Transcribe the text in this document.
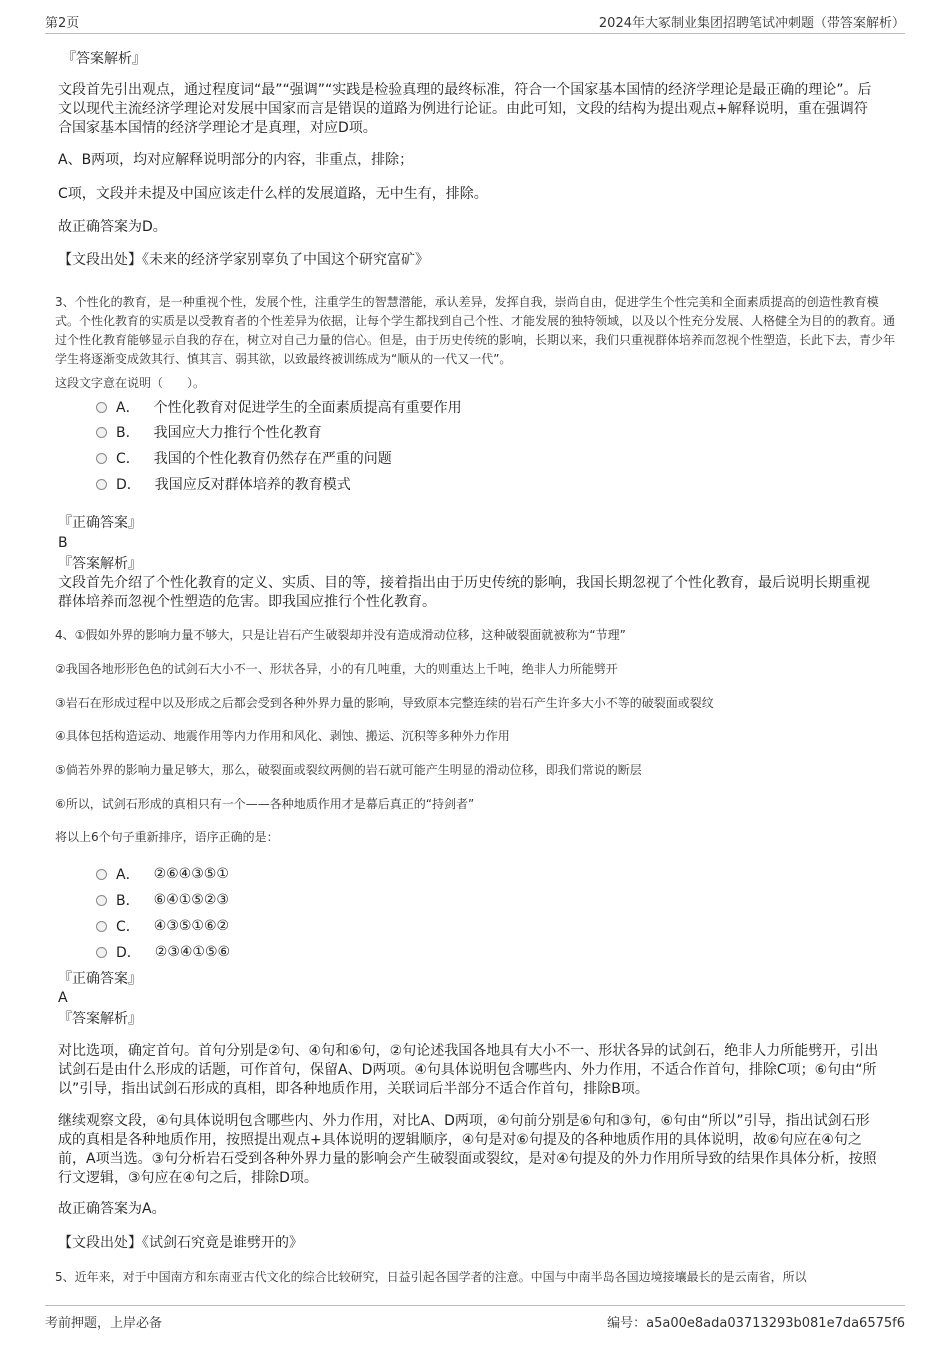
第2页	2024年大冢制业集团招聘笔试冲刺题（带答案解析）
『答案解析』
文段首先引出观点，通过程度词“最”“强调”“实践是检验真理的最终标准，符合一个国家基本国情的经济学理论是最正确的理论”。后文以现代主流经济学理论对发展中国家而言是错误的道路为例进行论证。由此可知，文段的结构为提出观点+解释说明，重在强调符合国家基本国情的经济学理论才是真理，对应D项。
A、B两项，均对应解释说明部分的内容，非重点，排除；
C项，文段并未提及中国应该走什么样的发展道路，无中生有，排除。
故正确答案为D。
【文段出处】《未来的经济学家别辜负了中国这个研究富矿》
3、个性化的教育，是一种重视个性，发展个性，注重学生的智慧潜能，承认差异，发挥自我，崇尚自由，促进学生个性完美和全面素质提高的创造性教育模式。个性化教育的实质是以受教育者的个性差异为依据，让每个学生都找到自己个性、才能发展的独特领域，以及以个性充分发展、人格健全为目的的教育。通过个性化教育能够显示自我的存在，树立对自己力量的信心。但是，由于历史传统的影响，长期以来，我们只重视群体培养而忽视个性塑造，长此下去，青少年学生将逐渐变成敛其行、慎其言、弱其欲，以致最终被训练成为“顺从的一代又一代”。
这段文字意在说明（　　）。
A． 个性化教育对促进学生的全面素质提高有重要作用
B． 我国应大力推行个性化教育
C． 我国的个性化教育仍然存在严重的问题
D． 我国应反对群体培养的教育模式
『正确答案』
B
『答案解析』
文段首先介绍了个性化教育的定义、实质、目的等，接着指出由于历史传统的影响，我国长期忽视了个性化教育，最后说明长期重视群体培养而忽视个性塑造的危害。即我国应推行个性化教育。
4、①假如外界的影响力量不够大，只是让岩石产生破裂却并没有造成滑动位移，这种破裂面就被称为“节理”
②我国各地形形色色的试剑石大小不一、形状各异，小的有几吨重，大的则重达上千吨，绝非人力所能劈开
③岩石在形成过程中以及形成之后都会受到各种外界力量的影响，导致原本完整连续的岩石产生许多大小不等的破裂面或裂纹
④具体包括构造运动、地震作用等内力作用和风化、剥蚀、搬运、沉积等多种外力作用
⑤倘若外界的影响力量足够大，那么，破裂面或裂纹两侧的岩石就可能产生明显的滑动位移，即我们常说的断层
⑥所以，试剑石形成的真相只有一个——各种地质作用才是幕后真正的“持剑者”
将以上6个句子重新排序，语序正确的是：
A． ②⑥④③⑤①
B． ⑥④①⑤②③
C． ④③⑤①⑥②
D． ②③④①⑤⑥
『正确答案』
A
『答案解析』
对比选项，确定首句。首句分别是②句、④句和⑥句，②句论述我国各地具有大小不一、形状各异的试剑石，绝非人力所能劈开，引出试剑石是由什么形成的话题，可作首句，保留A、D两项。④句具体说明包含哪些内、外力作用，不适合作首句，排除C项；⑥句由“所以”引导，指出试剑石形成的真相，即各种地质作用，关联词后半部分不适合作首句，排除B项。
继续观察文段，④句具体说明包含哪些内、外力作用，对比A、D两项，④句前分别是⑥句和③句，⑥句由“所以”引导，指出试剑石形成的真相是各种地质作用，按照提出观点+具体说明的逻辑顺序，④句是对⑥句提及的各种地质作用的具体说明，故⑥句应在④句之前，A项当选。③句分析岩石受到各种外界力量的影响会产生破裂面或裂纹，是对④句提及的外力作用所导致的结果作具体分析，按照行文逻辑，③句应在④句之后，排除D项。
故正确答案为A。
【文段出处】《试剑石究竟是谁劈开的》
5、近年来，对于中国南方和东南亚古代文化的综合比较研究，日益引起各国学者的注意。中国与中南半岛各国边境接壤最长的是云南省，所以
考前押题，上岸必备	编号：a5a00e8ada03713293b081e7da6575f6
